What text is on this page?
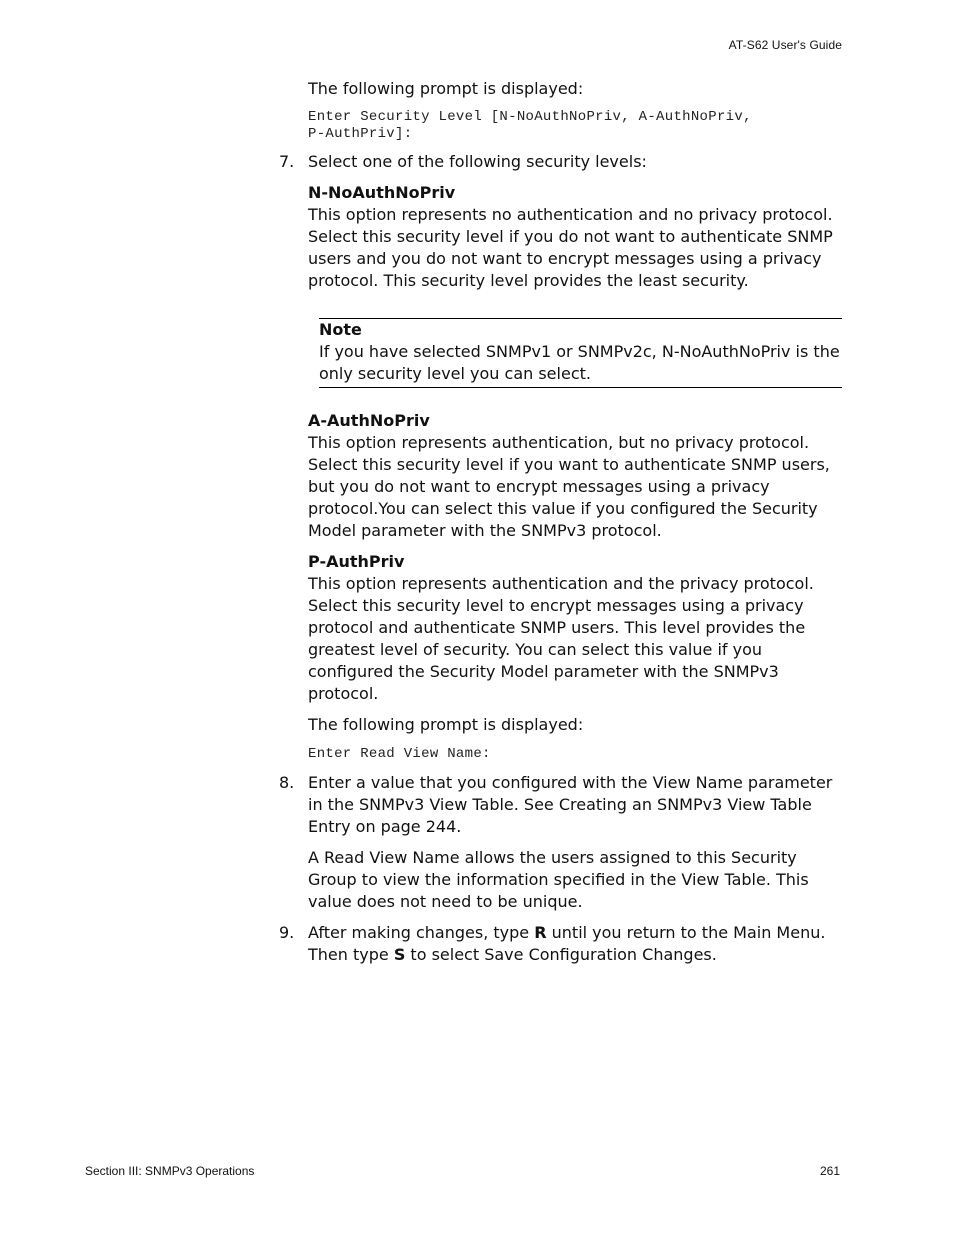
AT-S62 User's Guide

The following prompt is displayed:

Enter Security Level [N-NoAuthNoPriv, A-AuthNoPriv,
P-AuthPriv]:
7. Select one of the following security levels:

N-NoAuthNoPriv

This option represents no authentication and no privacy protocol. Select this security level if you do not want to authenticate SNMP users and you do not want to encrypt messages using a privacy protocol. This security level provides the least security.

Note
If you have selected SNMPv1 or SNMPv2c, N-NoAuthNoPriv is the only security level you can select.

A-AuthNoPriv

This option represents authentication, but no privacy protocol. Select this security level if you want to authenticate SNMP users, but you do not want to encrypt messages using a privacy protocol.You can select this value if you configured the Security Model parameter with the SNMPv3 protocol.

P-AuthPriv

This option represents authentication and the privacy protocol. Select this security level to encrypt messages using a privacy protocol and authenticate SNMP users. This level provides the greatest level of security. You can select this value if you configured the Security Model parameter with the SNMPv3 protocol.

The following prompt is displayed:

Enter Read View Name:
8. Enter a value that you configured with the View Name parameter in the SNMPv3 View Table. See Creating an SNMPv3 View Table Entry on page 244.

A Read View Name allows the users assigned to this Security Group to view the information specified in the View Table. This value does not need to be unique.

9. After making changes, type R until you return to the Main Menu. Then type S to select Save Configuration Changes.

Section III: SNMPv3 Operations	261
